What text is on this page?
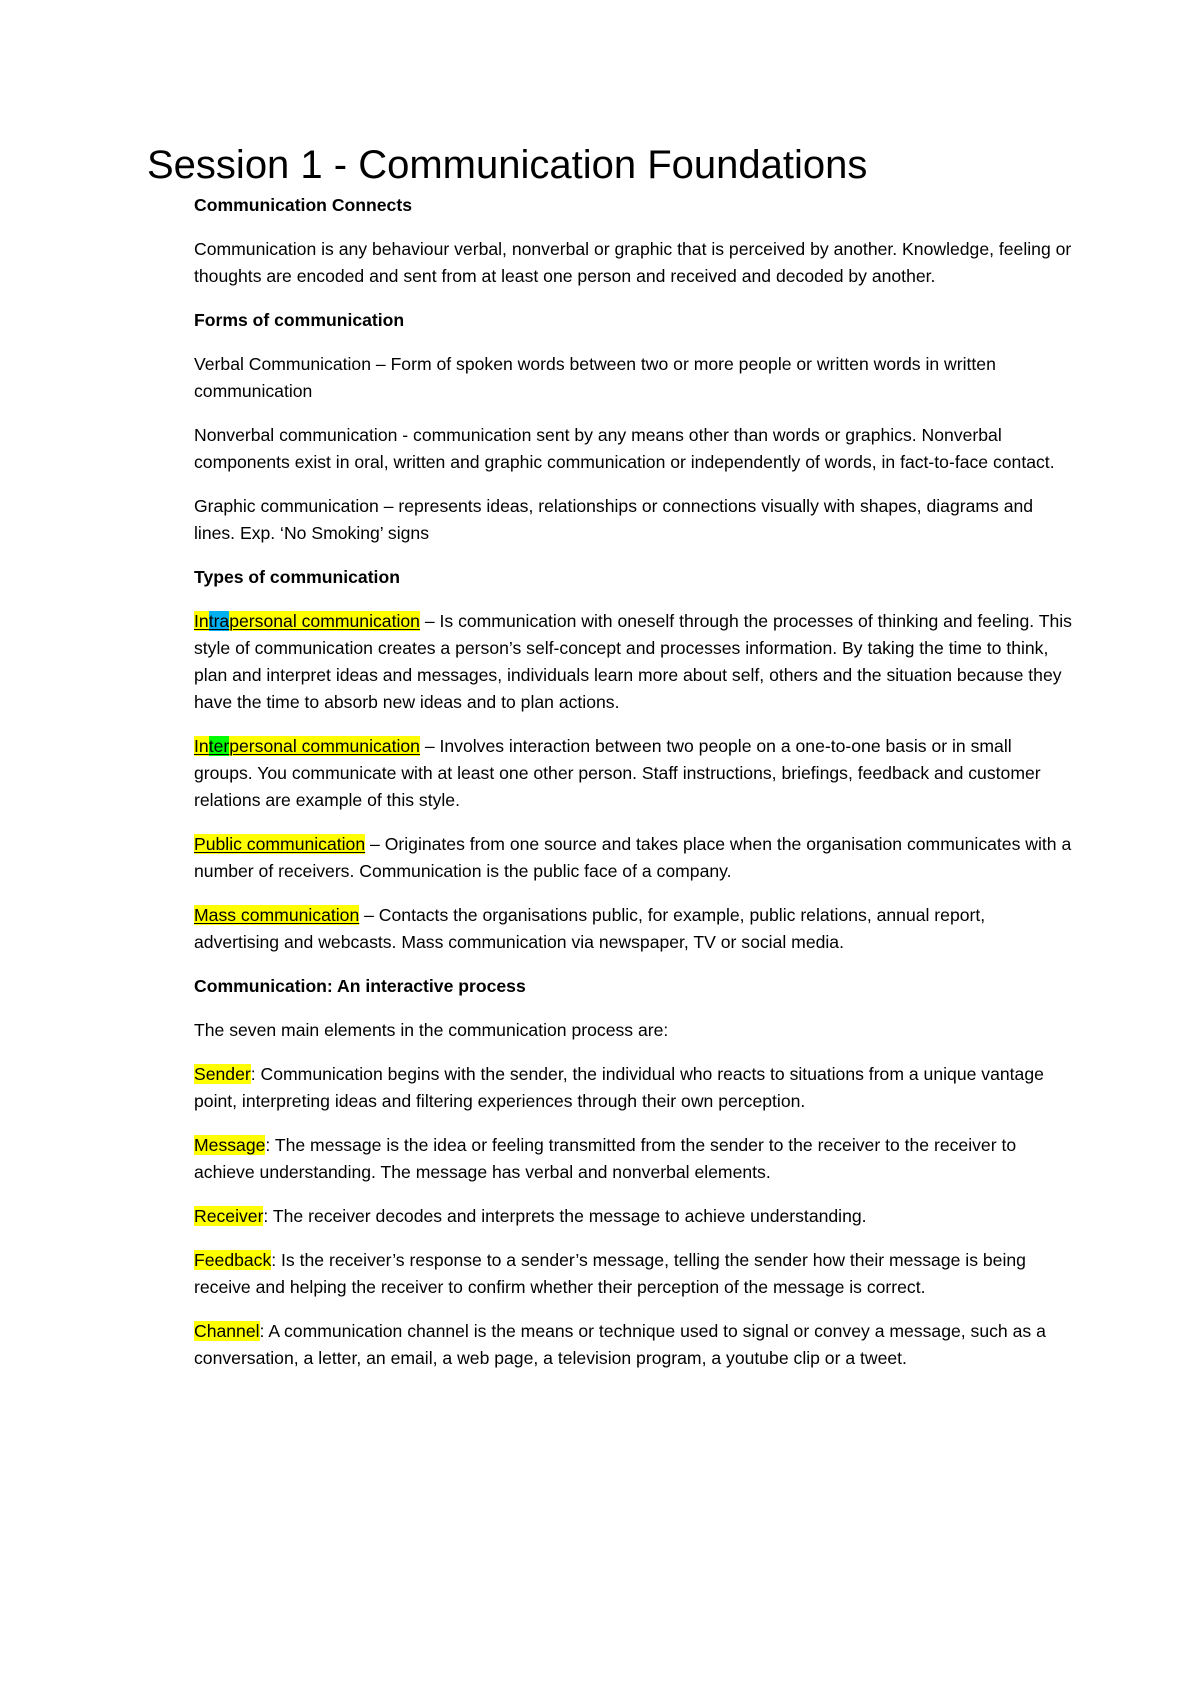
Session 1 - Communication Foundations

Communication Connects

Communication is any behaviour verbal, nonverbal or graphic that is perceived by another. Knowledge, feeling or thoughts are encoded and sent from at least one person and received and decoded by another.

Forms of communication

Verbal Communication – Form of spoken words between two or more people or written words in written communication

Nonverbal communication - communication sent by any means other than words or graphics. Nonverbal components exist in oral, written and graphic communication or independently of words, in fact-to-face contact.

Graphic communication – represents ideas, relationships or connections visually with shapes, diagrams and lines. Exp. ‘No Smoking’ signs

Types of communication

Intrapersonal communication – Is communication with oneself through the processes of thinking and feeling. This style of communication creates a person’s self-concept and processes information. By taking the time to think, plan and interpret ideas and messages, individuals learn more about self, others and the situation because they have the time to absorb new ideas and to plan actions.

Interpersonal communication – Involves interaction between two people on a one-to-one basis or in small groups. You communicate with at least one other person. Staff instructions, briefings, feedback and customer relations are example of this style.

Public communication – Originates from one source and takes place when the organisation communicates with a number of receivers. Communication is the public face of a company.

Mass communication – Contacts the organisations public, for example, public relations, annual report, advertising and webcasts. Mass communication via newspaper, TV or social media.

Communication: An interactive process

The seven main elements in the communication process are:

Sender: Communication begins with the sender, the individual who reacts to situations from a unique vantage point, interpreting ideas and filtering experiences through their own perception.

Message: The message is the idea or feeling transmitted from the sender to the receiver to the receiver to achieve understanding. The message has verbal and nonverbal elements.

Receiver: The receiver decodes and interprets the message to achieve understanding.

Feedback: Is the receiver’s response to a sender’s message, telling the sender how their message is being receive and helping the receiver to confirm whether their perception of the message is correct.

Channel: A communication channel is the means or technique used to signal or convey a message, such as a conversation, a letter, an email, a web page, a television program, a youtube clip or a tweet.
